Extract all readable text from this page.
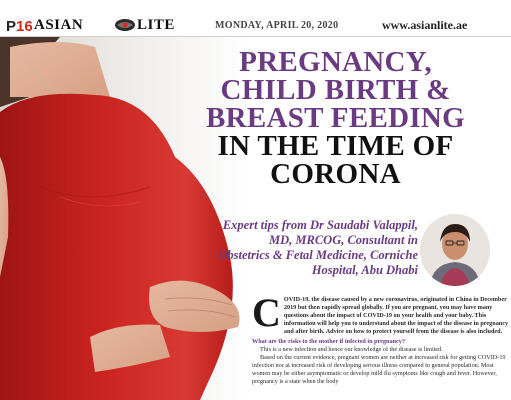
P16 ASIAN	LITE	MONDAY, APRIL 20, 2020	www.asianlite.ae
PREGNANCY,
CHILD BIRTH &
BREAST FEEDING
IN THE TIME OF
CORONA
Expert tips from Dr Saudabi Valappil, MD, MRCOG, Consultant in Obstetrics & Fetal Medicine, Corniche Hospital, Abu Dhabi
C OVID-19, the disease caused by a new coronavirus, originated in China in December 2019 but then rapidly spread globally. If you are pregnant, you may have many questions about the impact of COVID-19 on your health and your baby. This information will help you to understand about the impact of the disease in pregnancy and after birth. Advice on how to protect yourself from the disease is also included.

What are the risks to the mother if infected in pregnancy?

This is a new infection and hence our knowledge of the disease is limited.

Based on the current evidence, pregnant women are neither at increased risk for getting COVID-19 infection nor at increased risk of developing serious illness compared to general population. Most women may be either asymptomatic or develop mild flu symptoms like cough and fever. However, pregnancy is a state when the body
